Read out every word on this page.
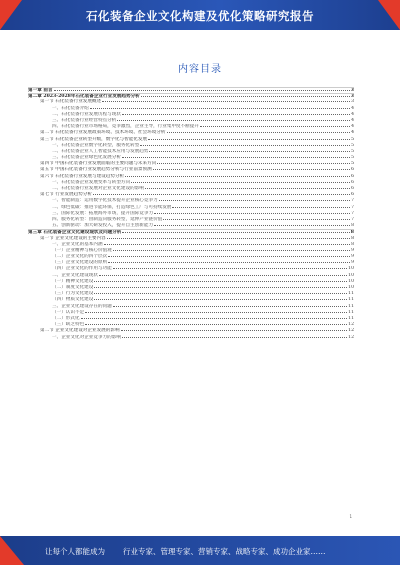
石化装备企业文化构建及优化策略研究报告
内容目录
第一章 前言	3
第二章 2023-2028年石化装备企业行业发展趋势分析	3
第一节 石化装备行业发展概述	3
一、石化装备介绍	4
二、石化装备行业发展历程与现状	4
三、石化装备行业经营特点分析	4
四、石化装备行业市场格局，竞争激烈，企业主导，行业集中度不断提升	4
第二节 石化装备行业发展政策环境、技术环境、社会环境分析	4
第三节 石化装备企业转型升级，数字化与智能化发展	5
一、石化装备企业数字化转型，服务化转型	5
二、石化装备企业人工智能技术应用与发展趋势	5
三、石化装备企业绿色化发展分析	5
第四节 中国石化装备行业发展面临的主要问题与未来方向	5
第五节 中国石化装备行业发展趋势分析与行业前景预测	6
第六节 石化装备行业发展与建设趋势分析	6
一、石化装备企业发展变革与转型方向	6
二、石化装备行业发展对企业文化建设的影响	6
第七节 行业发展趋势分析	6
一、智能制造：运用数字化技术提升企业核心竞争力	7
二、绿色低碳：推进节能环保，打造绿色工厂与可持续发展	7
三、国际化发展：拓展海外市场，提升国际竞争力	7
四、服务化转型：由制造向服务转型，延伸产业链价值	7
五、创新驱动：加大研发投入，提升自主创新能力	8
第三章 石化装备企业文化建设现状及问题分析	8
第一节 企业文化建设的主要内容	8
一、企业文化的基本内涵	8
（一）企业精神与核心价值观	9
（二）企业文化的四个层次	9
（三）企业文化建设的原则	9
（四）企业文化的作用与功能	10
二、企业文化建设现状	10
（一）精神文化建设	10
（二）制度文化建设	10
（三）行为文化建设	11
（四）物质文化建设	11
三、企业文化建设存在的问题	11
（一）认识不足	11
（二）形式化	11
（三）缺乏特色	12
第二节 企业文化建设对企业发展的影响	12
一、企业文化对企业竞争力的影响	12
1
让每个人都能成为 行业专家、管理专家、营销专家、战略专家、成功企业家……
